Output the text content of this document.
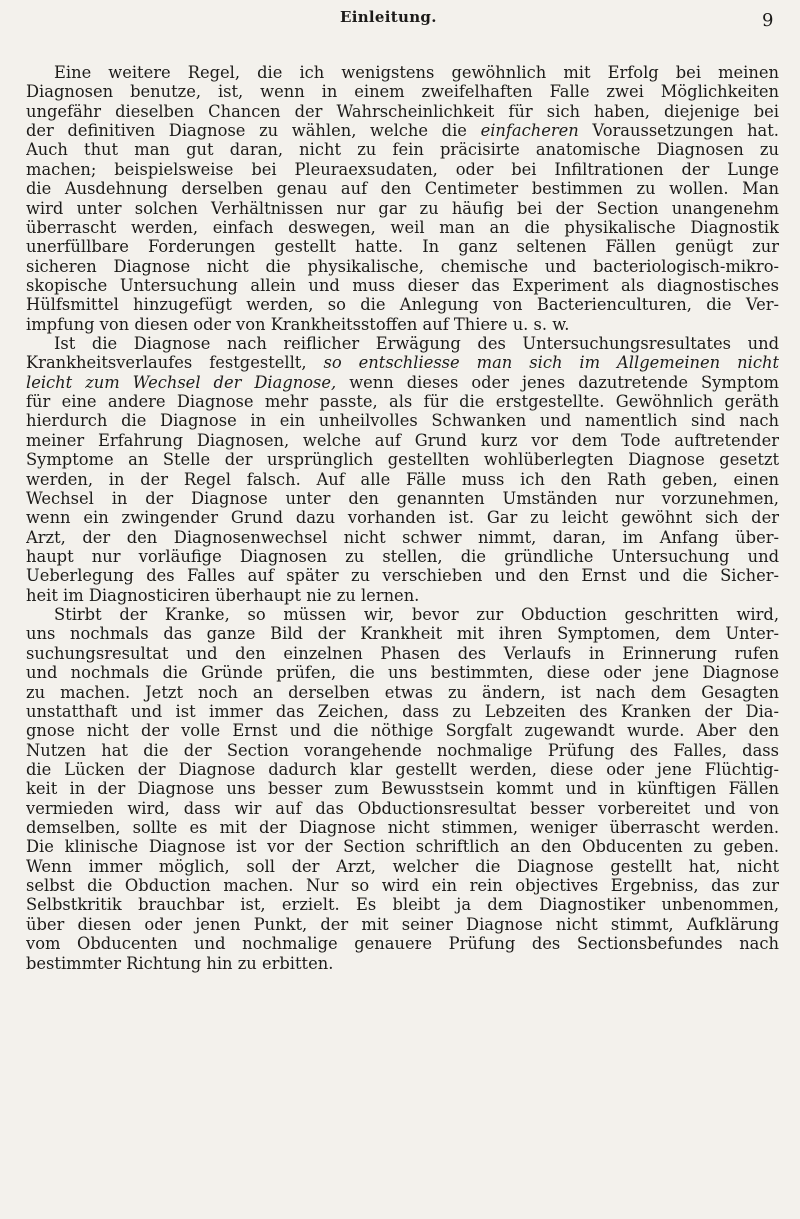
Einleitung.	9
Eine weitere Regel, die ich wenigstens gewöhnlich mit Erfolg bei meinen
Diagnosen benutze, ist, wenn in einem zweifelhaften Falle zwei Möglichkeiten
ungefähr dieselben Chancen der Wahrscheinlichkeit für sich haben, diejenige bei
der definitiven Diagnose zu wählen, welche die einfacheren Voraussetzungen hat.
Auch thut man gut daran, nicht zu fein präcisirte anatomische Diagnosen zu
machen; beispielsweise bei Pleuraexsudaten, oder bei Infiltrationen der Lunge
die Ausdehnung derselben genau auf den Centimeter bestimmen zu wollen. Man
wird unter solchen Verhältnissen nur gar zu häufig bei der Section unangenehm
überrascht werden, einfach deswegen, weil man an die physikalische Diagnostik
unerfüllbare Forderungen gestellt hatte. In ganz seltenen Fällen genügt zur
sicheren Diagnose nicht die physikalische, chemische und bacteriologisch-mikro-
skopische Untersuchung allein und muss dieser das Experiment als diagnostisches
Hülfsmittel hinzugefügt werden, so die Anlegung von Bacterienculturen, die Ver-
impfung von diesen oder von Krankheitsstoffen auf Thiere u. s. w.
Ist die Diagnose nach reiflicher Erwägung des Untersuchungsresultates und
Krankheitsverlaufes festgestellt, so entschliesse man sich im Allgemeinen nicht
leicht zum Wechsel der Diagnose, wenn dieses oder jenes dazutretende Symptom
für eine andere Diagnose mehr passte, als für die erstgestellte. Gewöhnlich geräth
hierdurch die Diagnose in ein unheilvolles Schwanken und namentlich sind nach
meiner Erfahrung Diagnosen, welche auf Grund kurz vor dem Tode auftretender
Symptome an Stelle der ursprünglich gestellten wohlüberlegten Diagnose gesetzt
werden, in der Regel falsch. Auf alle Fälle muss ich den Rath geben, einen
Wechsel in der Diagnose unter den genannten Umständen nur vorzunehmen,
wenn ein zwingender Grund dazu vorhanden ist. Gar zu leicht gewöhnt sich der
Arzt, der den Diagnosenwechsel nicht schwer nimmt, daran, im Anfang über-
haupt nur vorläufige Diagnosen zu stellen, die gründliche Untersuchung und
Ueberlegung des Falles auf später zu verschieben und den Ernst und die Sicher-
heit im Diagnosticiren überhaupt nie zu lernen.
Stirbt der Kranke, so müssen wir, bevor zur Obduction geschritten wird,
uns nochmals das ganze Bild der Krankheit mit ihren Symptomen, dem Unter-
suchungsresultat und den einzelnen Phasen des Verlaufs in Erinnerung rufen
und nochmals die Gründe prüfen, die uns bestimmten, diese oder jene Diagnose
zu machen. Jetzt noch an derselben etwas zu ändern, ist nach dem Gesagten
unstatthaft und ist immer das Zeichen, dass zu Lebzeiten des Kranken der Dia-
gnose nicht der volle Ernst und die nöthige Sorgfalt zugewandt wurde. Aber den
Nutzen hat die der Section vorangehende nochmalige Prüfung des Falles, dass
die Lücken der Diagnose dadurch klar gestellt werden, diese oder jene Flüchtig-
keit in der Diagnose uns besser zum Bewusstsein kommt und in künftigen Fällen
vermieden wird, dass wir auf das Obductionsresultat besser vorbereitet und von
demselben, sollte es mit der Diagnose nicht stimmen, weniger überrascht werden.
Die klinische Diagnose ist vor der Section schriftlich an den Obducenten zu geben.
Wenn immer möglich, soll der Arzt, welcher die Diagnose gestellt hat, nicht
selbst die Obduction machen. Nur so wird ein rein objectives Ergebniss, das zur
Selbstkritik brauchbar ist, erzielt. Es bleibt ja dem Diagnostiker unbenommen,
über diesen oder jenen Punkt, der mit seiner Diagnose nicht stimmt, Aufklärung
vom Obducenten und nochmalige genauere Prüfung des Sectionsbefundes nach
bestimmter Richtung hin zu erbitten.
